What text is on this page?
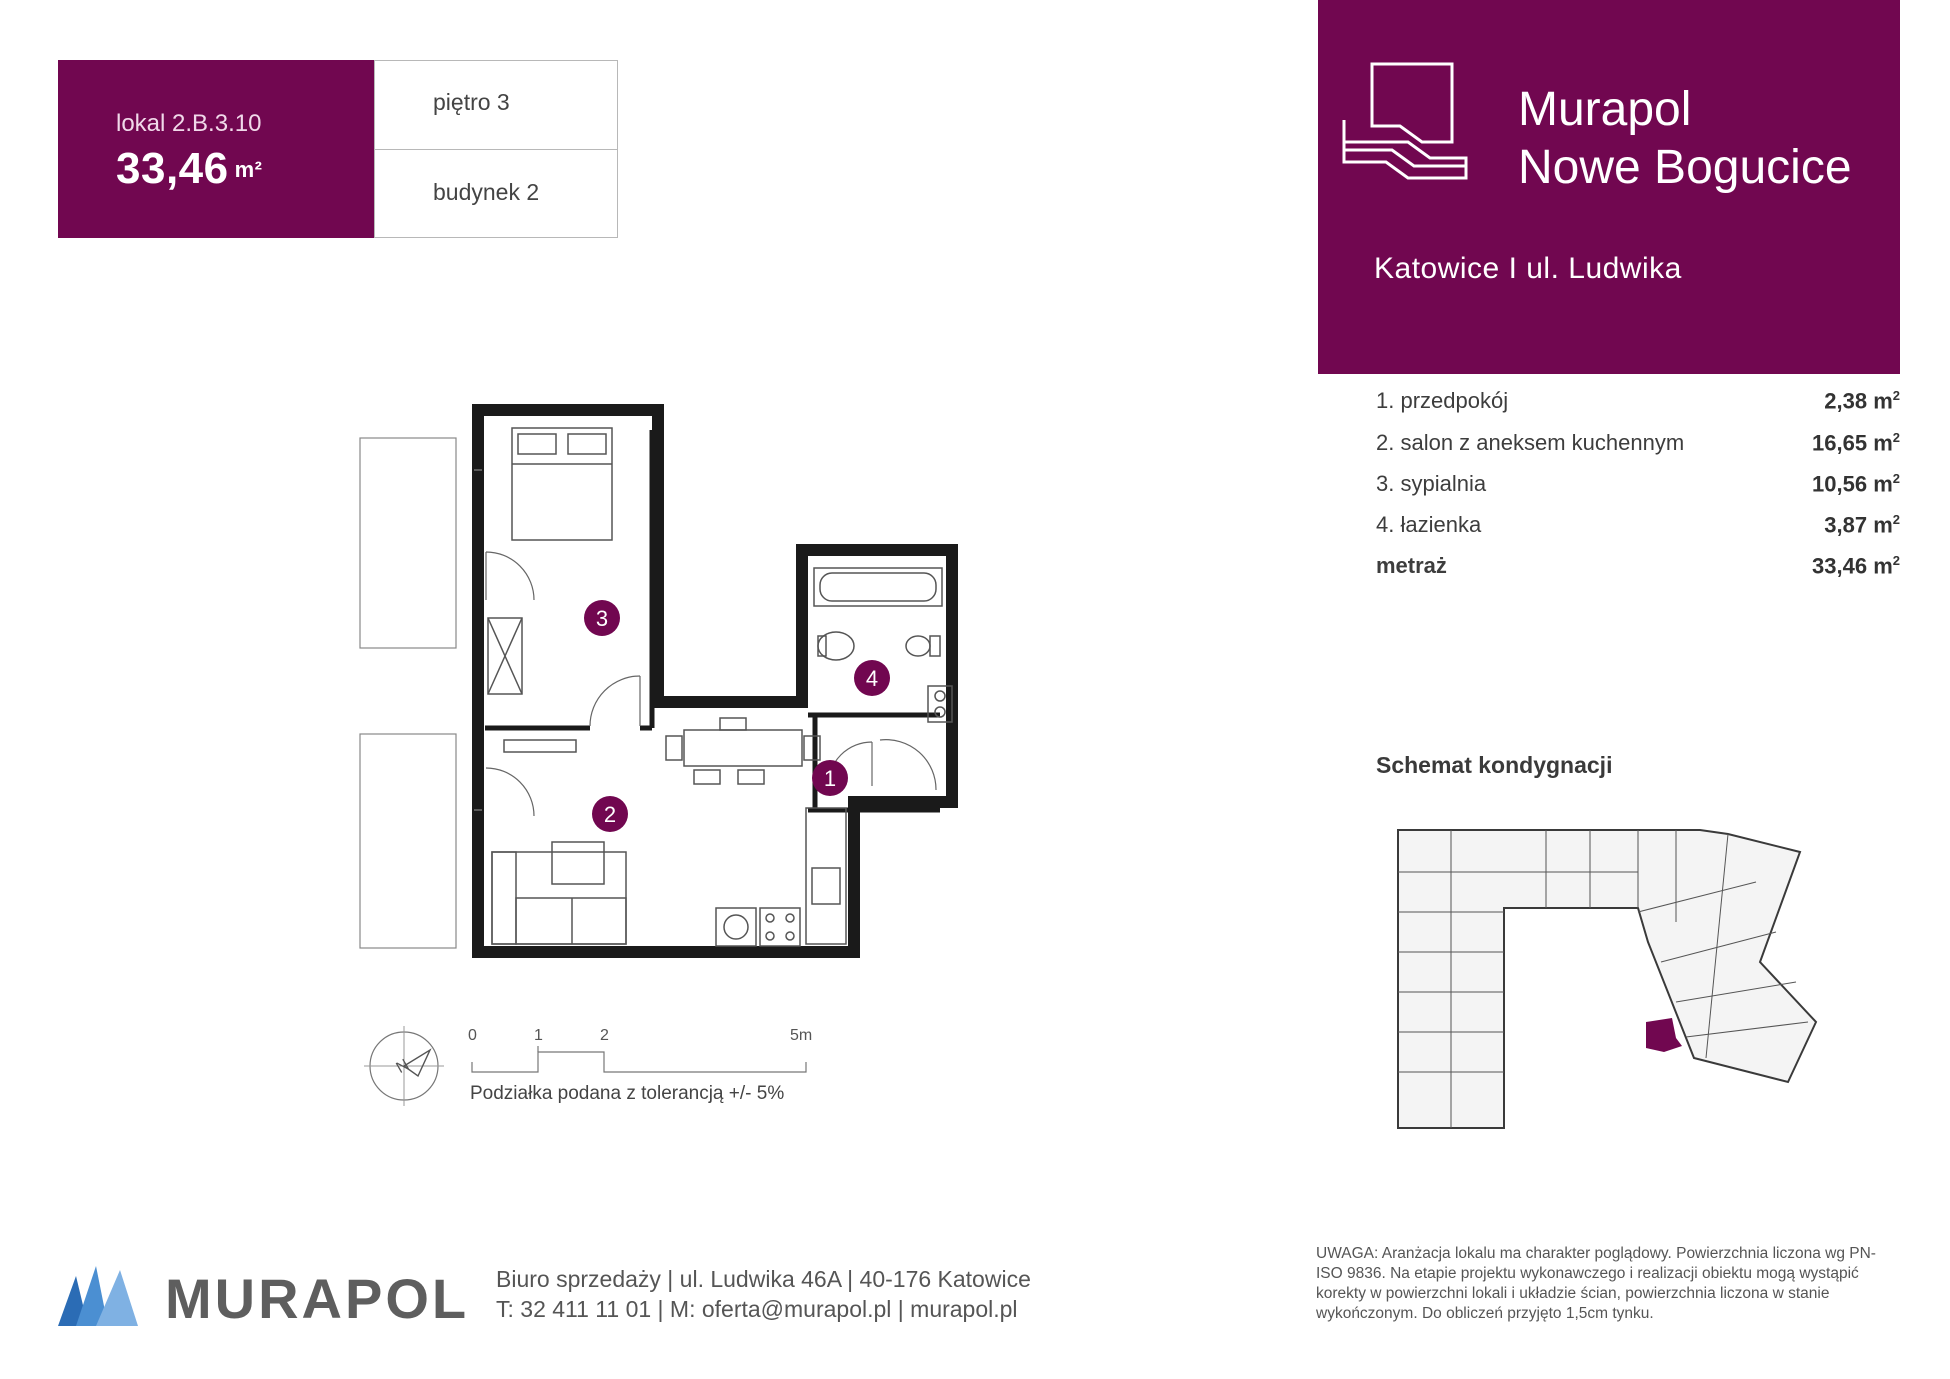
lokal 2.B.3.10
33,46 m²
piętro 3
budynek 2
Murapol
Nowe Bogucice
Katowice I ul. Ludwika
1. przedpokój	2,38 $m^2$
2. salon z aneksem kuchennym	16,65 $m^2$
3. sypialnia	10,56 $m^2$
4. łazienka	3,87 $m^2$
metraż	33,46 $m^2$
3
4
1
2
N
0	1	2	5m
Podziałka podana z tolerancją +/- 5%
Schemat kondygnacji
MURAPOL Biuro sprzedaży | ul. Ludwika 46A | 40-176 Katowice
T: 32 411 11 01 | M: oferta@murapol.pl | murapol.pl
UWAGA: Aranżacja lokalu ma charakter poglądowy. Powierzchnia liczona wg PN-ISO 9836. Na etapie projektu wykonawczego i realizacji obiektu mogą wystąpić korekty w powierzchni lokali i układzie ścian, powierzchnia liczona w stanie wykończonym. Do obliczeń przyjęto 1,5cm tynku.
